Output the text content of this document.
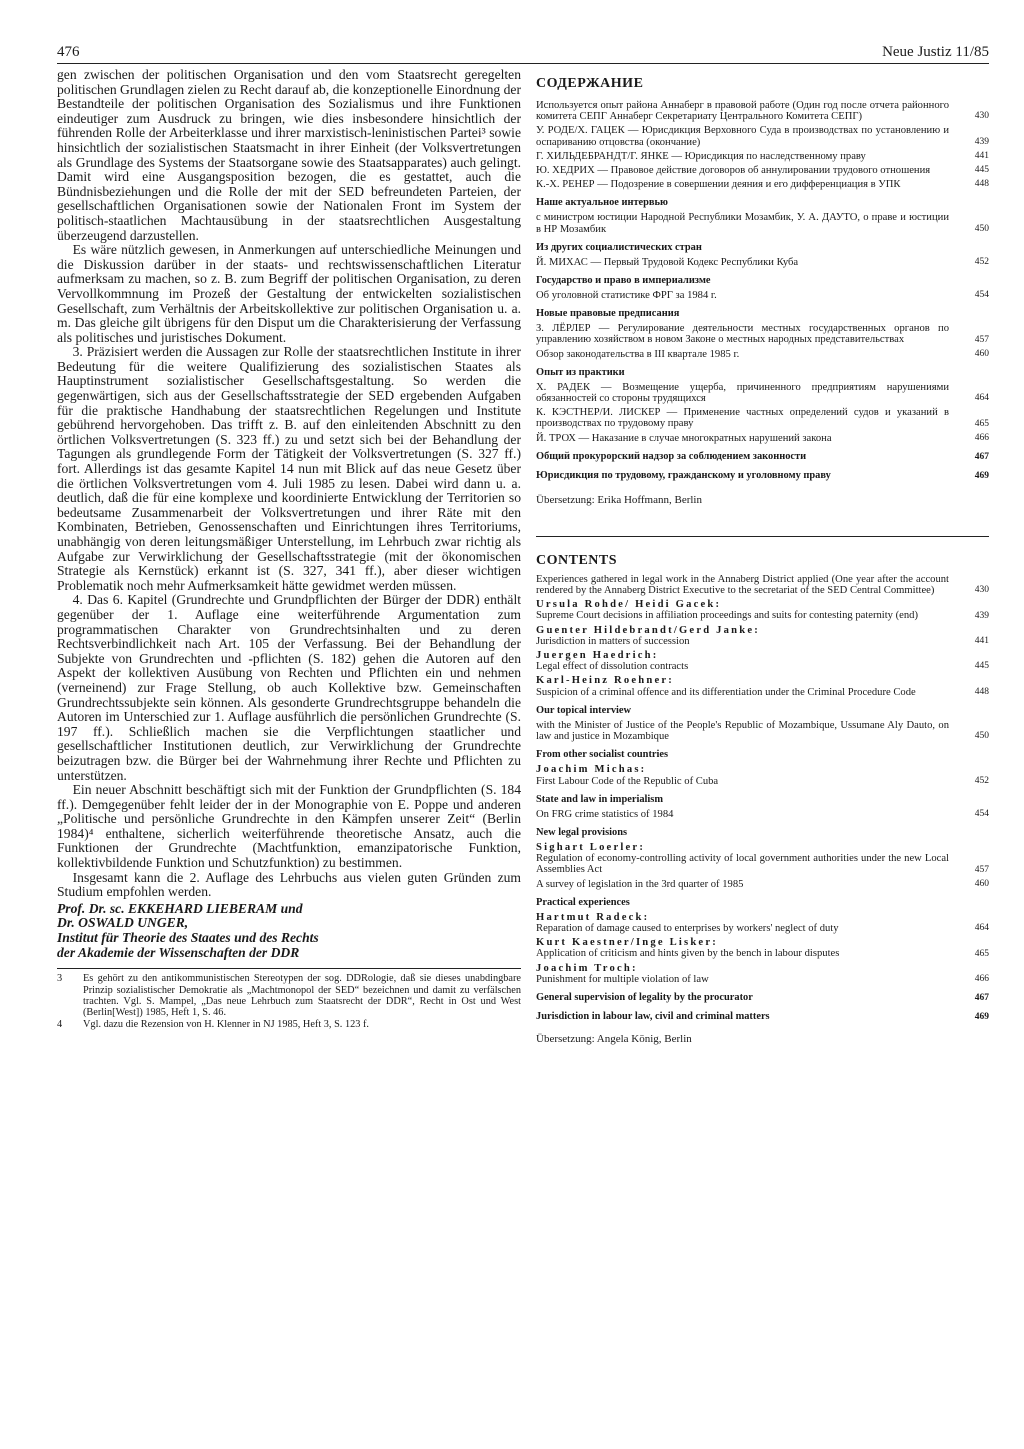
476	Neue Justiz 11/85

gen zwischen der politischen Organisation und den vom Staatsrecht geregelten politischen Grundlagen zielen zu Recht darauf ab, die konzeptionelle Einordnung der Bestandteile der politischen Organisation des Sozialismus und ihre Funktionen eindeutiger zum Ausdruck zu bringen, wie dies insbesondere hinsichtlich der führenden Rolle der Arbeiterklasse und ihrer marxistisch-leninistischen Partei³ sowie hinsichtlich der sozialistischen Staatsmacht in ihrer Einheit (der Volksvertretungen als Grundlage des Systems der Staatsorgane sowie des Staatsapparates) auch gelingt. Damit wird eine Ausgangsposition bezogen, die es gestattet, auch die Bündnisbeziehungen und die Rolle der mit der SED befreundeten Parteien, der gesellschaftlichen Organisationen sowie der Nationalen Front im System der politisch-staatlichen Machtausübung in der staatsrechtlichen Ausgestaltung überzeugend darzustellen.

Es wäre nützlich gewesen, in Anmerkungen auf unterschiedliche Meinungen und die Diskussion darüber in der staats- und rechtswissenschaftlichen Literatur aufmerksam zu machen, so z. B. zum Begriff der politischen Organisation, zu deren Vervollkommnung im Prozeß der Gestaltung der entwickelten sozialistischen Gesellschaft, zum Verhältnis der Arbeitskollektive zur politischen Organisation u. a. m. Das gleiche gilt übrigens für den Disput um die Charakterisierung der Verfassung als politisches und juristisches Dokument.

3. Präzisiert werden die Aussagen zur Rolle der staatsrechtlichen Institute in ihrer Bedeutung für die weitere Qualifizierung des sozialistischen Staates als Hauptinstrument sozialistischer Gesellschaftsgestaltung. So werden die gegenwärtigen, sich aus der Gesellschaftsstrategie der SED ergebenden Aufgaben für die praktische Handhabung der staatsrechtlichen Regelungen und Institute gebührend hervorgehoben. Das trifft z. B. auf den einleitenden Abschnitt zu den örtlichen Volksvertretungen (S. 323 ff.) zu und setzt sich bei der Behandlung der Tagungen als grundlegende Form der Tätigkeit der Volksvertretungen (S. 327 ff.) fort. Allerdings ist das gesamte Kapitel 14 nun mit Blick auf das neue Gesetz über die örtlichen Volksvertretungen vom 4. Juli 1985 zu lesen. Dabei wird dann u. a. deutlich, daß die für eine komplexe und koordinierte Entwicklung der Territorien so bedeutsame Zusammenarbeit der Volksvertretungen und ihrer Räte mit den Kombinaten, Betrieben, Genossenschaften und Einrichtungen ihres Territoriums, unabhängig von deren leitungsmäßiger Unterstellung, im Lehrbuch zwar richtig als Aufgabe zur Verwirklichung der Gesellschaftsstrategie (mit der ökonomischen Strategie als Kernstück) erkannt ist (S. 327, 341 ff.), aber dieser wichtigen Problematik noch mehr Aufmerksamkeit hätte gewidmet werden müssen.

4. Das 6. Kapitel (Grundrechte und Grundpflichten der Bürger der DDR) enthält gegenüber der 1. Auflage eine weiterführende Argumentation zum programmatischen Charakter von Grundrechtsinhalten und zu deren Rechtsverbindlichkeit nach Art. 105 der Verfassung. Bei der Behandlung der Subjekte von Grundrechten und -pflichten (S. 182) gehen die Autoren auf den Aspekt der kollektiven Ausübung von Rechten und Pflichten ein und nehmen (verneinend) zur Frage Stellung, ob auch Kollektive bzw. Gemeinschaften Grundrechtssubjekte sein können. Als gesonderte Grundrechtsgruppe behandeln die Autoren im Unterschied zur 1. Auflage ausführlich die persönlichen Grundrechte (S. 197 ff.). Schließlich machen sie die Verpflichtungen staatlicher und gesellschaftlicher Institutionen deutlich, zur Verwirklichung der Grundrechte beizutragen bzw. die Bürger bei der Wahrnehmung ihrer Rechte und Pflichten zu unterstützen.

Ein neuer Abschnitt beschäftigt sich mit der Funktion der Grundpflichten (S. 184 ff.). Demgegenüber fehlt leider der in der Monographie von E. Poppe und anderen „Politische und persönliche Grundrechte in den Kämpfen unserer Zeit“ (Berlin 1984)⁴ enthaltene, sicherlich weiterführende theoretische Ansatz, auch die Funktionen der Grundrechte (Machtfunktion, emanzipatorische Funktion, kollektivbildende Funktion und Schutzfunktion) zu bestimmen.

Insgesamt kann die 2. Auflage des Lehrbuchs aus vielen guten Gründen zum Studium empfohlen werden.

Prof. Dr. sc. EKKEHARD LIEBERAM und
Dr. OSWALD UNGER,
Institut für Theorie des Staates und des Rechts
der Akademie der Wissenschaften der DDR
3 Es gehört zu den antikommunistischen Stereotypen der sog. DDRologie, daß sie dieses unabdingbare Prinzip sozialistischer Demokratie als „Machtmonopol der SED“ bezeichnen und damit zu verfälschen trachten. Vgl. S. Mampel, „Das neue Lehrbuch zum Staatsrecht der DDR“, Recht in Ost und West (Berlin[West]) 1985, Heft 1, S. 46.
4 Vgl. dazu die Rezension von H. Klenner in NJ 1985, Heft 3, S. 123 f.
СОДЕРЖАНИЕ
Используется опыт района Аннаберг в правовой работе (Один год после отчета районного комитета СЕПГ Аннаберг Секретариату Центрального Комитета СЕПГ)	430
У. РОДЕ/Х. ГАЦЕК — Юрисдикция Верховного Суда в производствах по установлению и оспариванию отцовства (окончание)	439
Г. ХИЛЬДЕБРАНДТ/Г. ЯНКЕ — Юрисдикция по наследственному праву	441
Ю. ХЕДРИХ — Правовое действие договоров об аннулировании трудового отношения	445
К.-Х. РЕНЕР — Подозрение в совершении деяния и его дифференциация в УПК	448
Наше актуальное интервью
с министром юстиции Народной Республики Мозамбик, У. А. ДАУТО, о праве и юстиции в НР Мозамбик	450
Из других социалистических стран
Й. МИХАС — Первый Трудовой Кодекс Республики Куба	452
Государство и право в империализме
Об уголовной статистике ФРГ за 1984 г.	454
Новые правовые предписания
З. ЛЁРЛЕР — Регулирование деятельности местных государственных органов по управлению хозяйством в новом Законе о местных народных представительствах	457
Обзор законодательства в III квартале 1985 г.	460
Опыт из практики
Х. РАДЕК — Возмещение ущерба, причиненного предприятиям нарушениями обязанностей со стороны трудящихся	464
К. КЭСТНЕР/И. ЛИСКЕР — Применение частных определений судов и указаний в производствах по трудовому праву	465
Й. ТРОХ — Наказание в случае многократных нарушений закона	466
Общий прокурорский надзор за соблюдением законности	467
Юрисдикция по трудовому, гражданскому и уголовному праву	469
Übersetzung: Erika Hoffmann, Berlin
CONTENTS
Experiences gathered in legal work in the Annaberg District applied (One year after the account rendered by the Annaberg District Executive to the secretariat of the SED Central Committee)	430
Ursula Rohde/ Heidi Gacek:
Supreme Court decisions in affiliation proceedings and suits for contesting paternity (end)	439
Guenter Hildebrandt/Gerd Janke:
Jurisdiction in matters of succession	441
Juergen Haedrich:
Legal effect of dissolution contracts	445
Karl-Heinz Roehner:
Suspicion of a criminal offence and its differentiation under the Criminal Procedure Code	448
Our topical interview
with the Minister of Justice of the People's Republic of Mozambique, Ussumane Aly Dauto, on law and justice in Mozambique	450
From other socialist countries
Joachim Michas:
First Labour Code of the Republic of Cuba	452
State and law in imperialism
On FRG crime statistics of 1984	454
New legal provisions
Sighart Loerler:
Regulation of economy-controlling activity of local government authorities under the new Local Assemblies Act	457
A survey of legislation in the 3rd quarter of 1985	460
Practical experiences
Hartmut Radeck:
Reparation of damage caused to enterprises by workers' neglect of duty	464
Kurt Kaestner/Inge Lisker:
Application of criticism and hints given by the bench in labour disputes	465
Joachim Troch:
Punishment for multiple violation of law	466
General supervision of legality by the procurator	467
Jurisdiction in labour law, civil and criminal matters	469
Übersetzung: Angela König, Berlin
